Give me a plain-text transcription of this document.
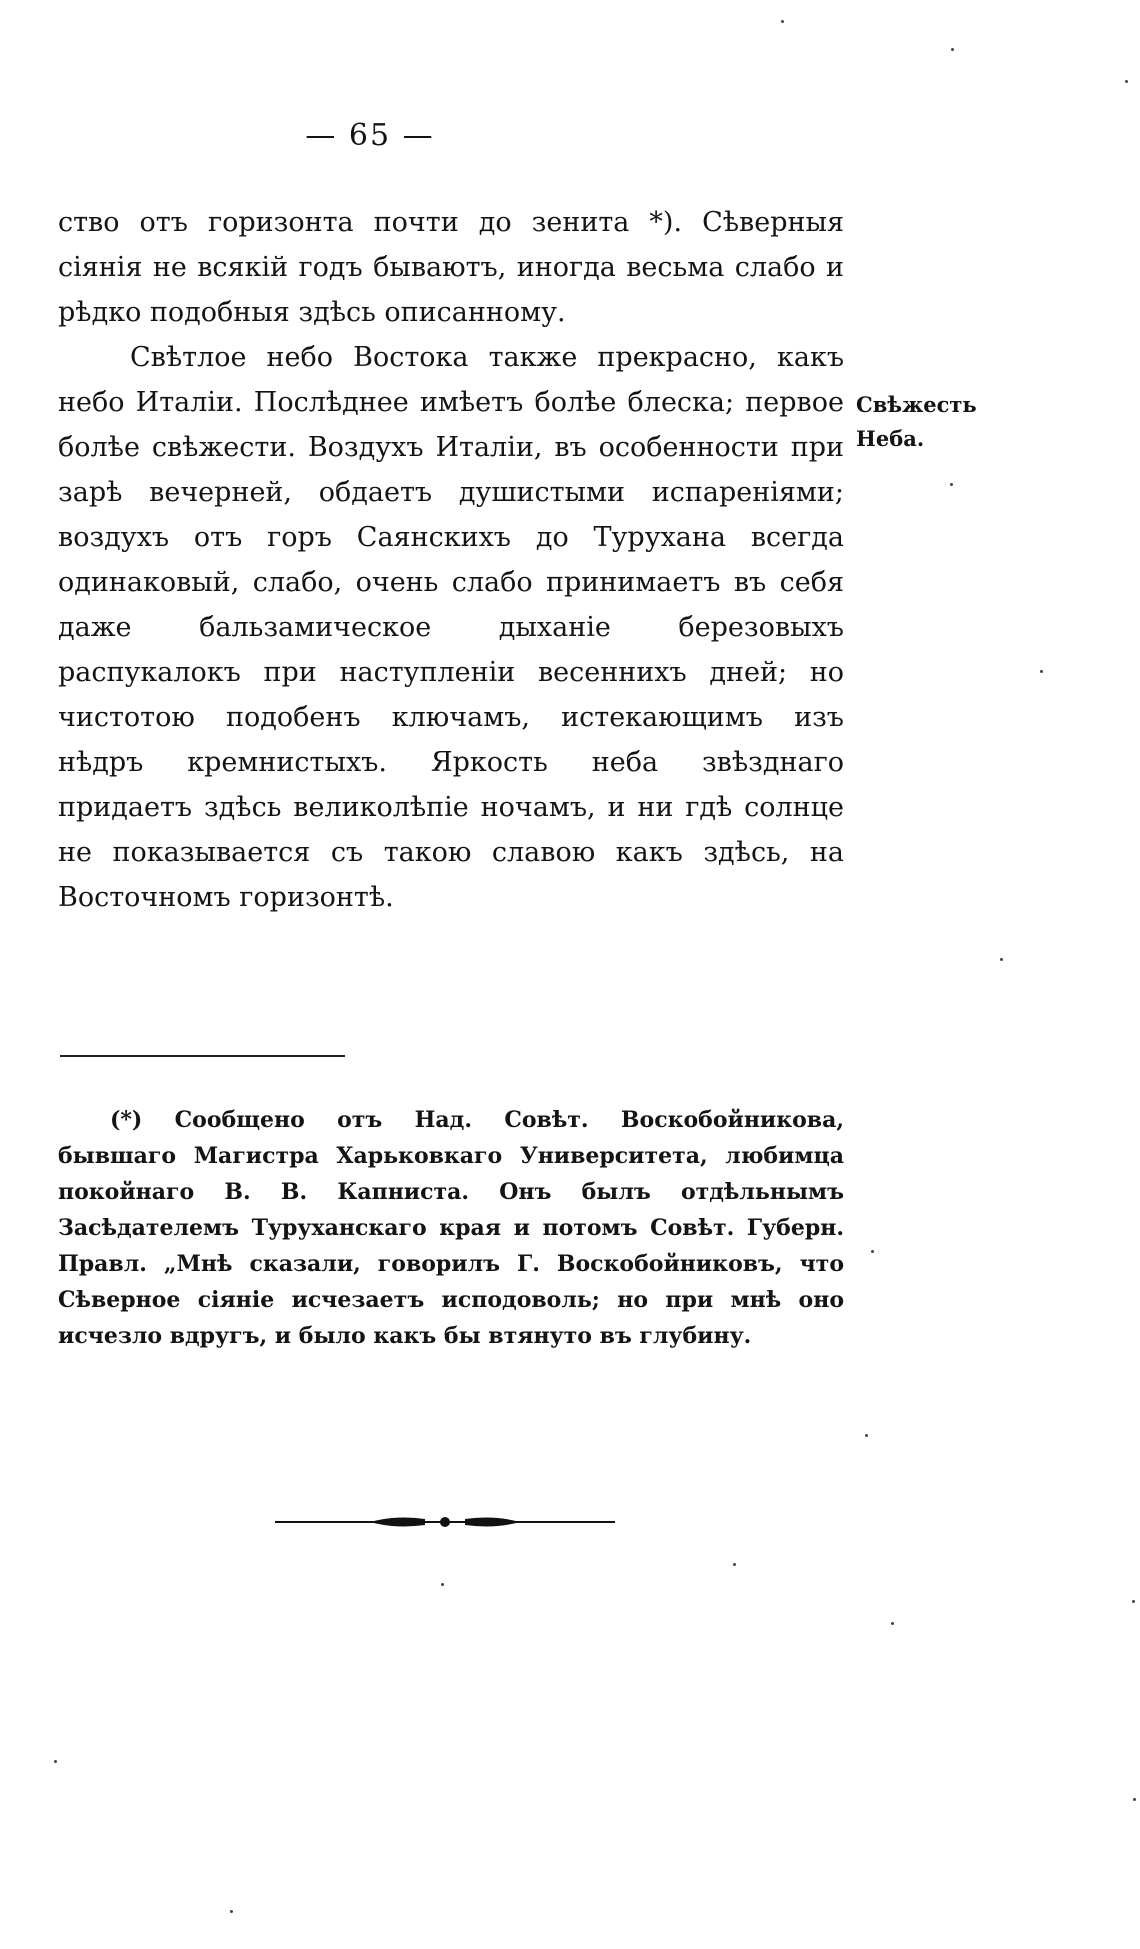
— 65 —

ство отъ горизонта почти до зенита *). Сѣверныя сіянія не всякій годъ бываютъ, иногда весьма слабо и рѣдко подобныя здѣсь описанному.

Свѣтлое небо Востока также прекрасно, какъ небо Италіи. Послѣднее имѣетъ болѣе блеска; первое болѣе свѣжести. Воздухъ Италіи, въ особенности при зарѣ вечерней, обдаетъ душистыми испареніями; воздухъ отъ горъ Саянскихъ до Туруханa всегда одинаковый, слабо, очень слабо принимаетъ въ себя даже бальзамическое дыханіе березовыхъ распукалокъ при наступленіи весеннихъ дней; но чистотою подобенъ ключамъ, истекающимъ изъ нѣдръ кремнистыхъ. Яркость неба звѣзднаго придаетъ здѣсь великолѣпіе ночамъ, и ни гдѣ солнце не показывается съ такою славою какъ здѣсь, на Восточномъ горизонтѣ.

Свѣжесть Неба.

(*) Сообщено отъ Над. Совѣт. Воскобойникова, бывшаго Магистра Харьковкаго Университета, любимца покойнаго В. В. Капниста. Онъ былъ отдѣльнымъ Засѣдателемъ Туруханскаго края и потомъ Совѣт. Губерн. Правл. „Мнѣ сказали, говорилъ Г. Воскобойниковъ, что Сѣверное сіяніе исчезаетъ исподоволь; но при мнѣ оно исчезло вдругъ, и было какъ бы втянуто въ глубину.
